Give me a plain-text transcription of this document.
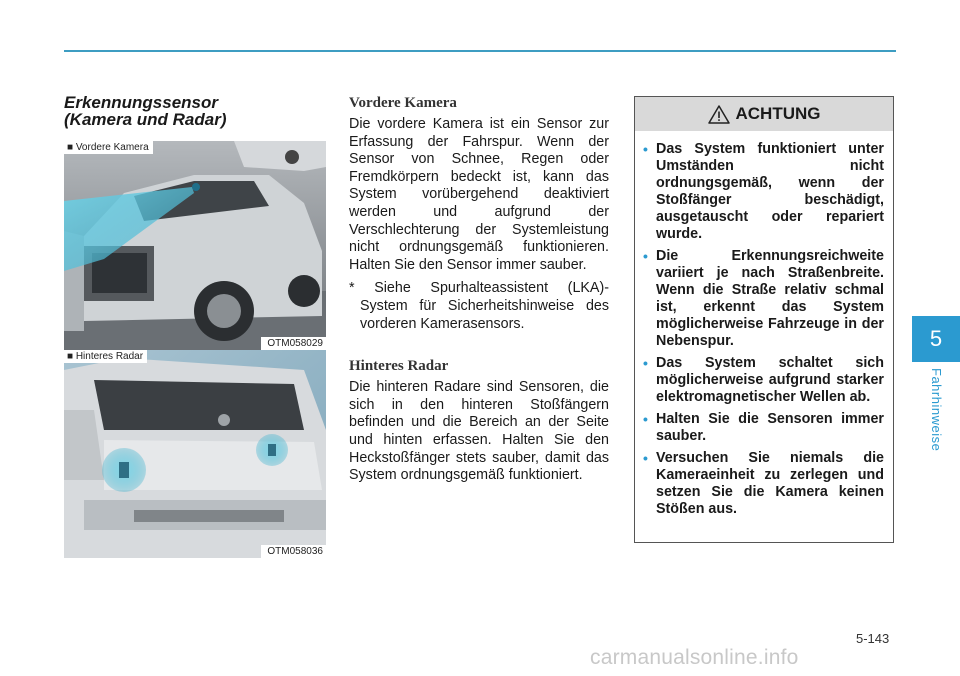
Erkennungssensor
(Kamera und Radar)
■ Vordere Kamera
OTM058029
■ Hinteres Radar
OTM058036
Vordere Kamera

Die vordere Kamera ist ein Sensor zur Erfassung der Fahrspur. Wenn der Sensor von Schnee, Regen oder Fremdkörpern bedeckt ist, kann das System vorübergehend deaktiviert werden und aufgrund der Verschlechterung der Systemleistung nicht ordnungsgemäß funktionieren. Halten Sie den Sensor immer sauber.

* Siehe Spurhalteassistent (LKA)-System für Sicherheitshinweise des vorderen Kamerasensors.

Hinteres Radar

Die hinteren Radare sind Sensoren, die sich in den hinteren Stoßfängern befinden und die Bereich an der Seite und hinten erfassen. Halten Sie den Heckstoßfänger stets sauber, damit das System ordnungsgemäß funktioniert.

ACHTUNG
• Das System funktioniert unter Umständen nicht ordnungsgemäß, wenn der Stoßfänger beschädigt, ausgetauscht oder repariert wurde.
• Die Erkennungsreichweite variiert je nach Straßenbreite. Wenn die Straße relativ schmal ist, erkennt das System möglicherweise Fahrzeuge in der Nebenspur.
• Das System schaltet sich möglicherweise aufgrund starker elektromagnetischer Wellen ab.
• Halten Sie die Sensoren immer sauber.
• Versuchen Sie niemals die Kameraeinheit zu zerlegen und setzen Sie die Kamera keinen Stößen aus.
5
Fahrhinweise
5-143
carmanualsonline.info
